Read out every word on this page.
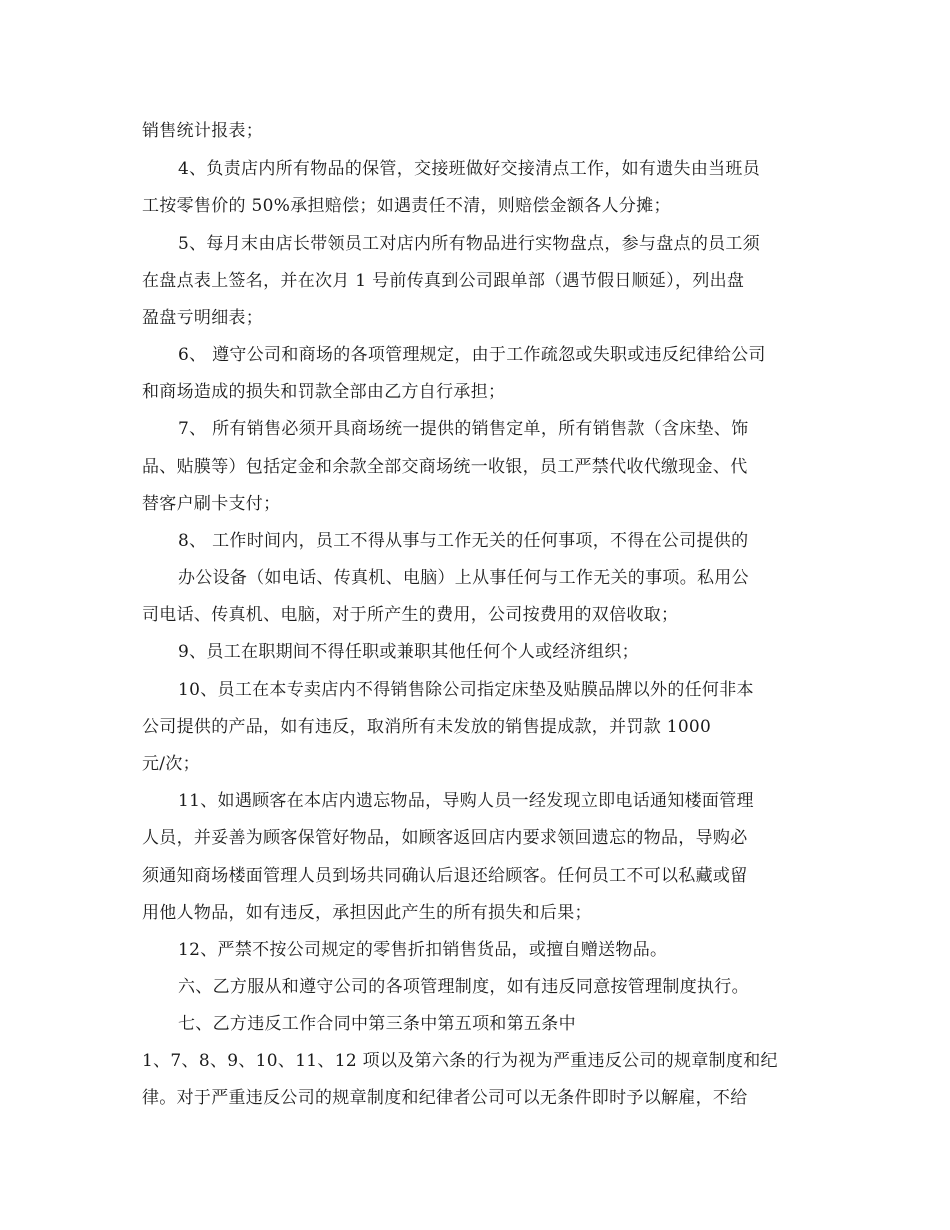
销售统计报表；
4、负责店内所有物品的保管，交接班做好交接清点工作，如有遗失由当班员
工按零售价的 50%承担赔偿；如遇责任不清，则赔偿金额各人分摊；
5、每月末由店长带领员工对店内所有物品进行实物盘点，参与盘点的员工须
在盘点表上签名，并在次月 1 号前传真到公司跟单部（遇节假日顺延），列出盘
盈盘亏明细表；
6、 遵守公司和商场的各项管理规定，由于工作疏忽或失职或违反纪律给公司
和商场造成的损失和罚款全部由乙方自行承担；
7、 所有销售必须开具商场统一提供的销售定单，所有销售款（含床垫、饰
品、贴膜等）包括定金和余款全部交商场统一收银，员工严禁代收代缴现金、代
替客户刷卡支付；
8、 工作时间内，员工不得从事与工作无关的任何事项，不得在公司提供的
办公设备（如电话、传真机、电脑）上从事任何与工作无关的事项。私用公
司电话、传真机、电脑，对于所产生的费用，公司按费用的双倍收取；
9、员工在职期间不得任职或兼职其他任何个人或经济组织；
10、员工在本专卖店内不得销售除公司指定床垫及贴膜品牌以外的任何非本
公司提供的产品，如有违反，取消所有未发放的销售提成款，并罚款 1000
元/次；
11、如遇顾客在本店内遗忘物品，导购人员一经发现立即电话通知楼面管理
人员，并妥善为顾客保管好物品，如顾客返回店内要求领回遗忘的物品，导购必
须通知商场楼面管理人员到场共同确认后退还给顾客。任何员工不可以私藏或留
用他人物品，如有违反，承担因此产生的所有损失和后果；
12、严禁不按公司规定的零售折扣销售货品，或擅自赠送物品。
六、乙方服从和遵守公司的各项管理制度，如有违反同意按管理制度执行。
七、乙方违反工作合同中第三条中第五项和第五条中
1、7、8、9、10、11、12 项以及第六条的行为视为严重违反公司的规章制度和纪
律。对于严重违反公司的规章制度和纪律者公司可以无条件即时予以解雇，不给
